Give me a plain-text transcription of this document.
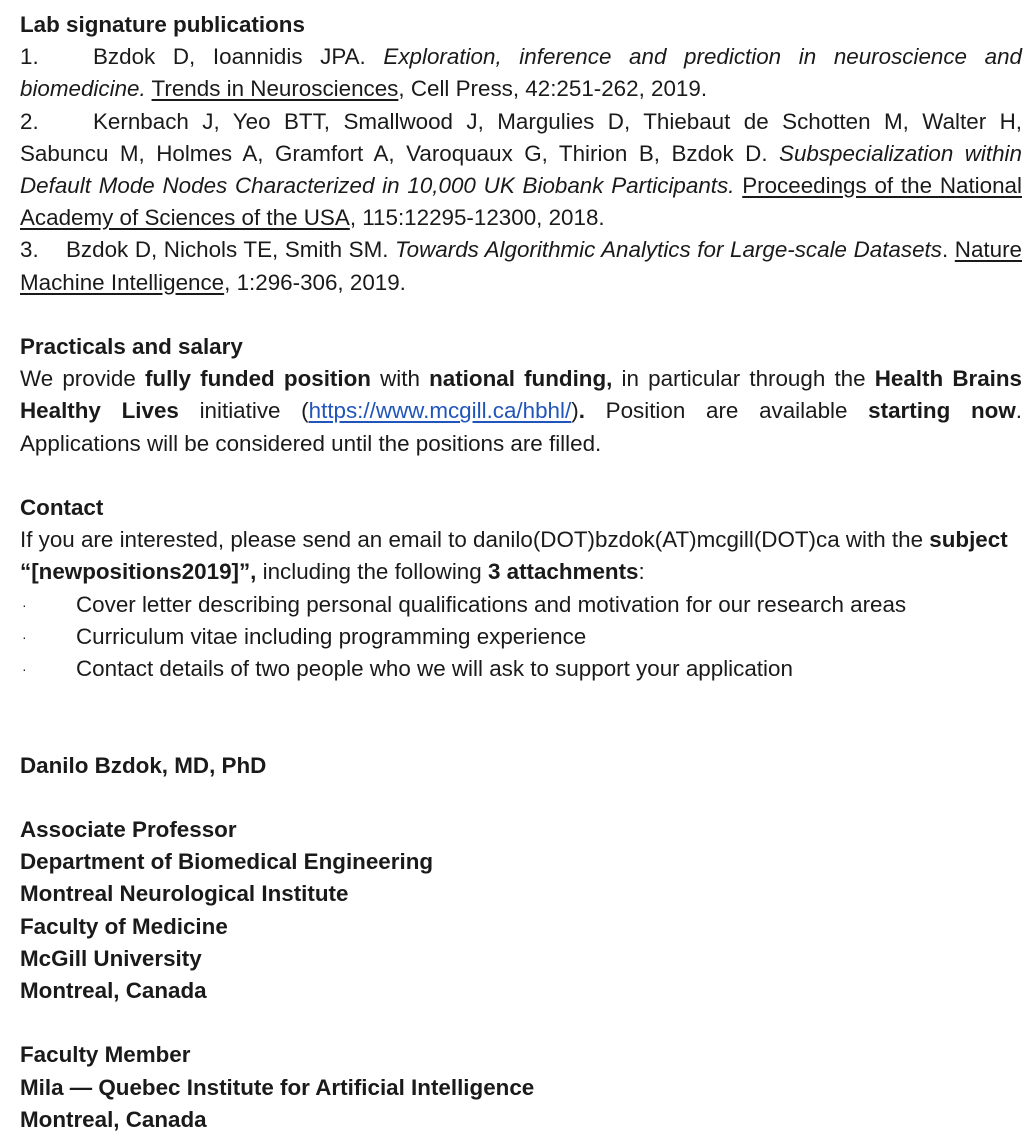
Lab signature publications
1. Bzdok D, Ioannidis JPA. Exploration, inference and prediction in neuroscience and biomedicine. Trends in Neurosciences, Cell Press, 42:251-262, 2019.
2. Kernbach J, Yeo BTT, Smallwood J, Margulies D, Thiebaut de Schotten M, Walter H, Sabuncu M, Holmes A, Gramfort A, Varoquaux G, Thirion B, Bzdok D. Subspecialization within Default Mode Nodes Characterized in 10,000 UK Biobank Participants. Proceedings of the National Academy of Sciences of the USA, 115:12295-12300, 2018.
3. Bzdok D, Nichols TE, Smith SM. Towards Algorithmic Analytics for Large-scale Datasets. Nature Machine Intelligence, 1:296-306, 2019.
Practicals and salary
We provide fully funded position with national funding, in particular through the Health Brains Healthy Lives initiative (https://www.mcgill.ca/hbhl/). Position are available starting now. Applications will be considered until the positions are filled.
Contact
If you are interested, please send an email to danilo(DOT)bzdok(AT)mcgill(DOT)ca with the subject “[newpositions2019]”, including the following 3 attachments:
· Cover letter describing personal qualifications and motivation for our research areas
· Curriculum vitae including programming experience
· Contact details of two people who we will ask to support your application
Danilo Bzdok, MD, PhD
Associate Professor
Department of Biomedical Engineering
Montreal Neurological Institute
Faculty of Medicine
McGill University
Montreal, Canada
Faculty Member
Mila — Quebec Institute for Artificial Intelligence
Montreal, Canada
